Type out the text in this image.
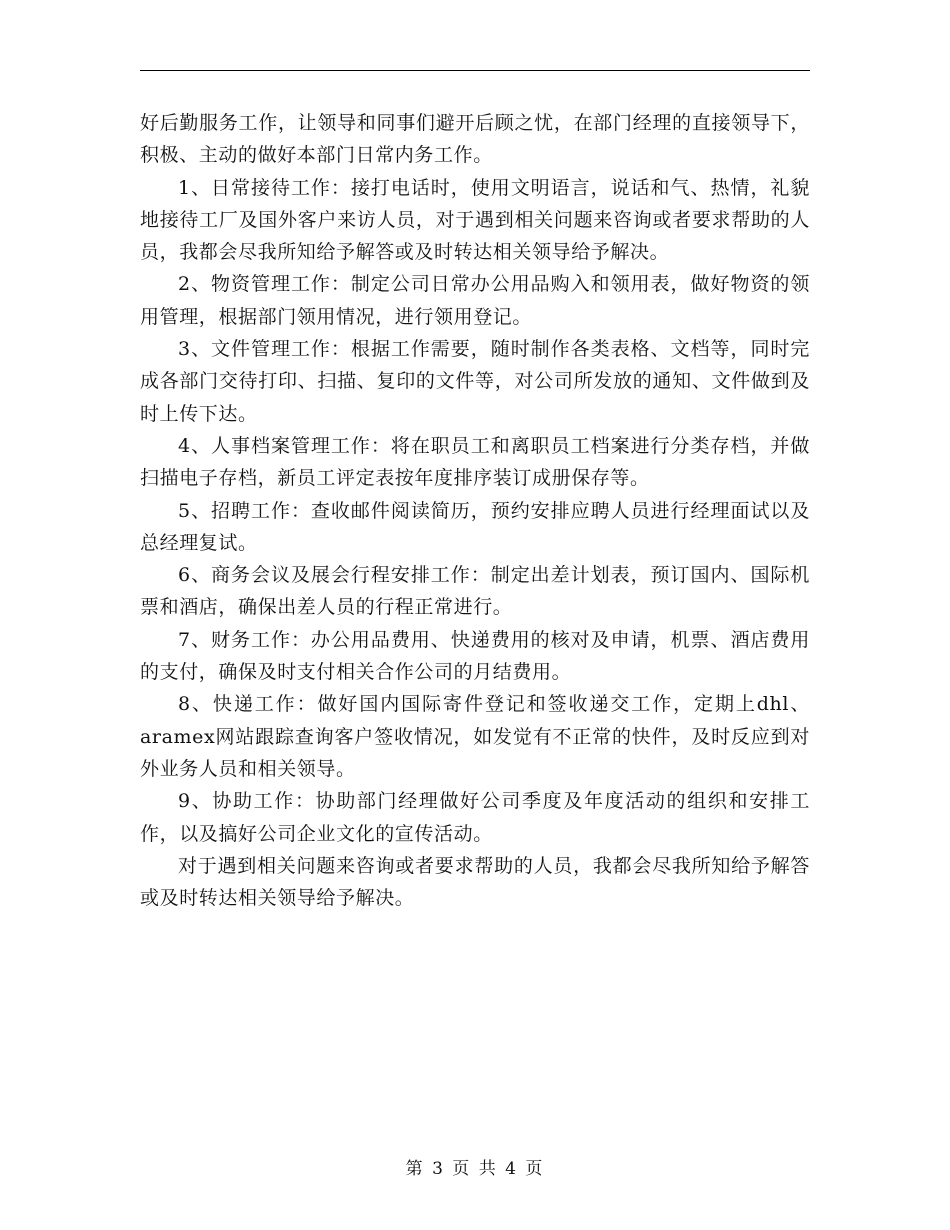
好后勤服务工作，让领导和同事们避开后顾之忧，在部门经理的直接领导下，积极、主动的做好本部门日常内务工作。

1、日常接待工作：接打电话时，使用文明语言，说话和气、热情，礼貌地接待工厂及国外客户来访人员，对于遇到相关问题来咨询或者要求帮助的人员，我都会尽我所知给予解答或及时转达相关领导给予解决。

2、物资管理工作：制定公司日常办公用品购入和领用表，做好物资的领用管理，根据部门领用情况，进行领用登记。

3、文件管理工作：根据工作需要，随时制作各类表格、文档等，同时完成各部门交待打印、扫描、复印的文件等，对公司所发放的通知、文件做到及时上传下达。

4、人事档案管理工作：将在职员工和离职员工档案进行分类存档，并做扫描电子存档，新员工评定表按年度排序装订成册保存等。

5、招聘工作：查收邮件阅读简历，预约安排应聘人员进行经理面试以及总经理复试。

6、商务会议及展会行程安排工作：制定出差计划表，预订国内、国际机票和酒店，确保出差人员的行程正常进行。

7、财务工作：办公用品费用、快递费用的核对及申请，机票、酒店费用的支付，确保及时支付相关合作公司的月结费用。

8、快递工作：做好国内国际寄件登记和签收递交工作，定期上dhl、aramex网站跟踪查询客户签收情况，如发觉有不正常的快件，及时反应到对外业务人员和相关领导。

9、协助工作：协助部门经理做好公司季度及年度活动的组织和安排工作，以及搞好公司企业文化的宣传活动。

对于遇到相关问题来咨询或者要求帮助的人员，我都会尽我所知给予解答或及时转达相关领导给予解决。

第 3 页 共 4 页
